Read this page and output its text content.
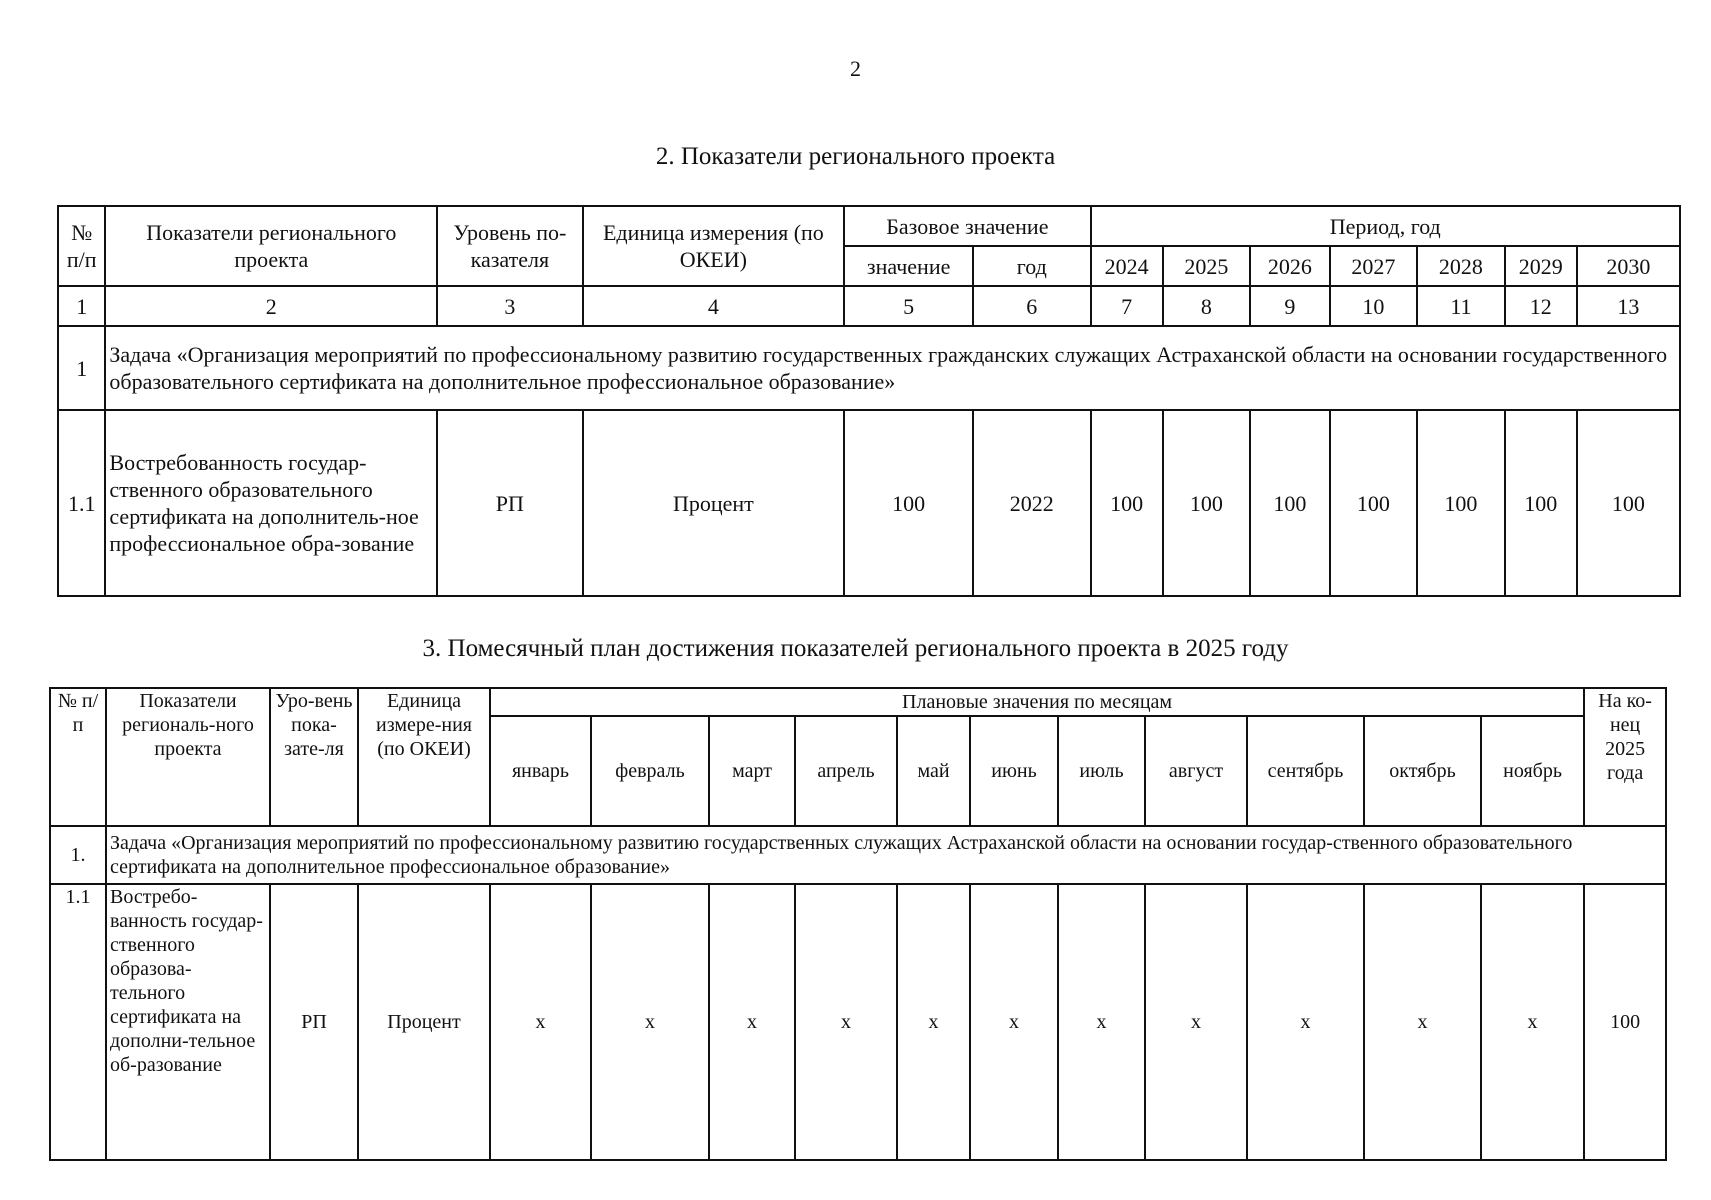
2
2. Показатели регионального проекта
№ п/п	Показатели регионального проекта	Уровень по-казателя	Единица измерения (по ОКЕИ)	Базовое значение		Период, год						
				значение	год	2024	2025	2026	2027	2028	2029	2030
1	2	3	4	5	6	7	8	9	10	11	12	13
1	Задача «Организация мероприятий по профессиональному развитию государственных гражданских служащих Астраханской области на основании государственного образовательного сертификата на дополнительное профессиональное образование»											
1.1	Востребованность государ-ственного образовательного сертификата на дополнитель-ное профессиональное обра-зование	РП	Процент	100	2022	100	100	100	100	100	100	100
3. Помесячный план достижения показателей регионального проекта в 2025 году
№ п/п	Показатели региональ-ного проекта	Уро-вень пока-зате-ля	Единица измере-ния (по ОКЕИ)	Плановые значения по месяцам											На ко-нец 2025 года
				январь	февраль	март	апрель	май	июнь	июль	август	сентябрь	октябрь	ноябрь	
1.	Задача «Организация мероприятий по профессиональному развитию государственных служащих Астраханской области на основании государ-ственного образовательного сертификата на дополнительное профессиональное образование»														
1.1	Востребо-ванность государ-ственного образова-тельного сертификата на дополни-тельное об-разование	РП	Процент	х	х	х	х	х	х	х	х	х	х	х	100
